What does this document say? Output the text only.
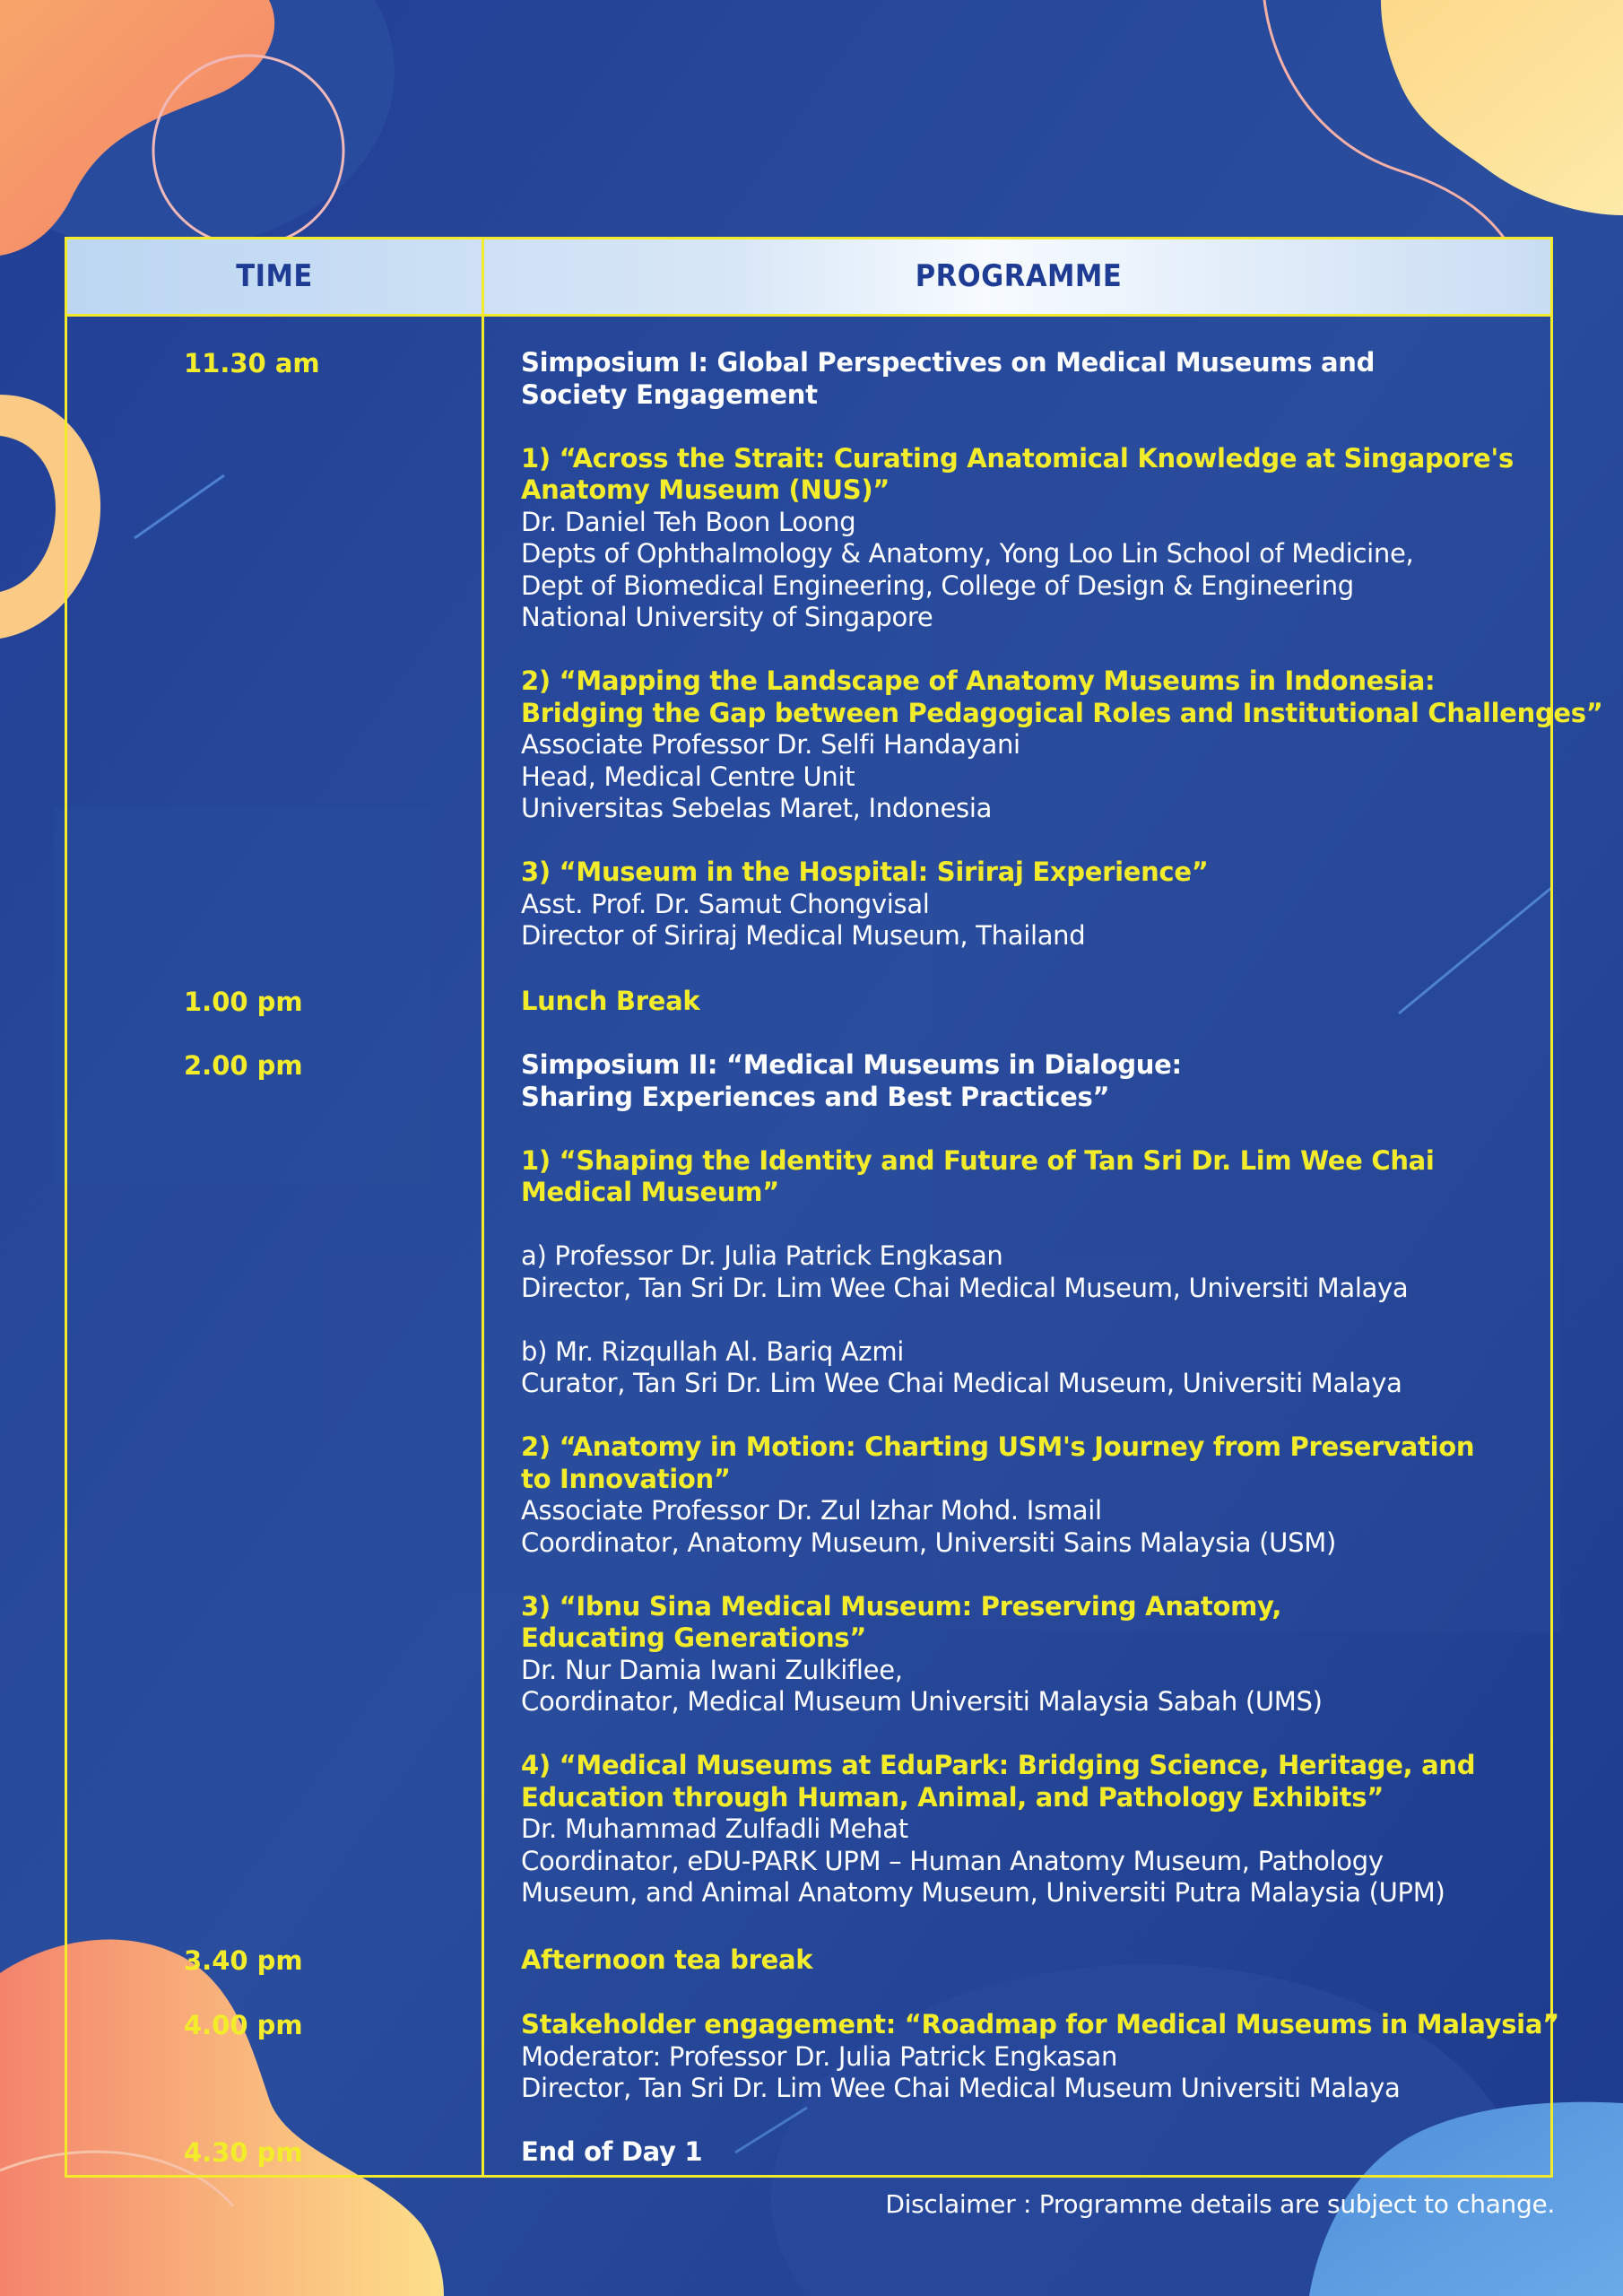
TIME	PROGRAMME
11.30 am	Simposium I: Global Perspectives on Medical Museums and
Society Engagement
1) “Across the Strait: Curating Anatomical Knowledge at Singapore's
Anatomy Museum (NUS)”
Dr. Daniel Teh Boon Loong
Depts of Ophthalmology & Anatomy, Yong Loo Lin School of Medicine,
Dept of Biomedical Engineering, College of Design & Engineering
National University of Singapore
2) “Mapping the Landscape of Anatomy Museums in Indonesia:
Bridging the Gap between Pedagogical Roles and Institutional Challenges”
Associate Professor Dr. Selfi Handayani
Head, Medical Centre Unit
Universitas Sebelas Maret, Indonesia
3) “Museum in the Hospital: Siriraj Experience”
Asst. Prof. Dr. Samut Chongvisal
Director of Siriraj Medical Museum, Thailand
1.00 pm	Lunch Break
2.00 pm	Simposium II: “Medical Museums in Dialogue:
Sharing Experiences and Best Practices”
1) “Shaping the Identity and Future of Tan Sri Dr. Lim Wee Chai
Medical Museum”
a) Professor Dr. Julia Patrick Engkasan
Director, Tan Sri Dr. Lim Wee Chai Medical Museum, Universiti Malaya
b) Mr. Rizqullah Al. Bariq Azmi
Curator, Tan Sri Dr. Lim Wee Chai Medical Museum, Universiti Malaya
2) “Anatomy in Motion: Charting USM's Journey from Preservation
to Innovation”
Associate Professor Dr. Zul Izhar Mohd. Ismail
Coordinator, Anatomy Museum, Universiti Sains Malaysia (USM)
3) “Ibnu Sina Medical Museum: Preserving Anatomy,
Educating Generations”
Dr. Nur Damia Iwani Zulkiflee,
Coordinator, Medical Museum Universiti Malaysia Sabah (UMS)
4) “Medical Museums at EduPark: Bridging Science, Heritage, and
Education through Human, Animal, and Pathology Exhibits”
Dr. Muhammad Zulfadli Mehat
Coordinator, eDU-PARK UPM – Human Anatomy Museum, Pathology
Museum, and Animal Anatomy Museum, Universiti Putra Malaysia (UPM)
3.40 pm	Afternoon tea break
4.00 pm	Stakeholder engagement: “Roadmap for Medical Museums in Malaysia”
Moderator: Professor Dr. Julia Patrick Engkasan
Director, Tan Sri Dr. Lim Wee Chai Medical Museum Universiti Malaya
4.30 pm	End of Day 1
Disclaimer : Programme details are subject to change.
